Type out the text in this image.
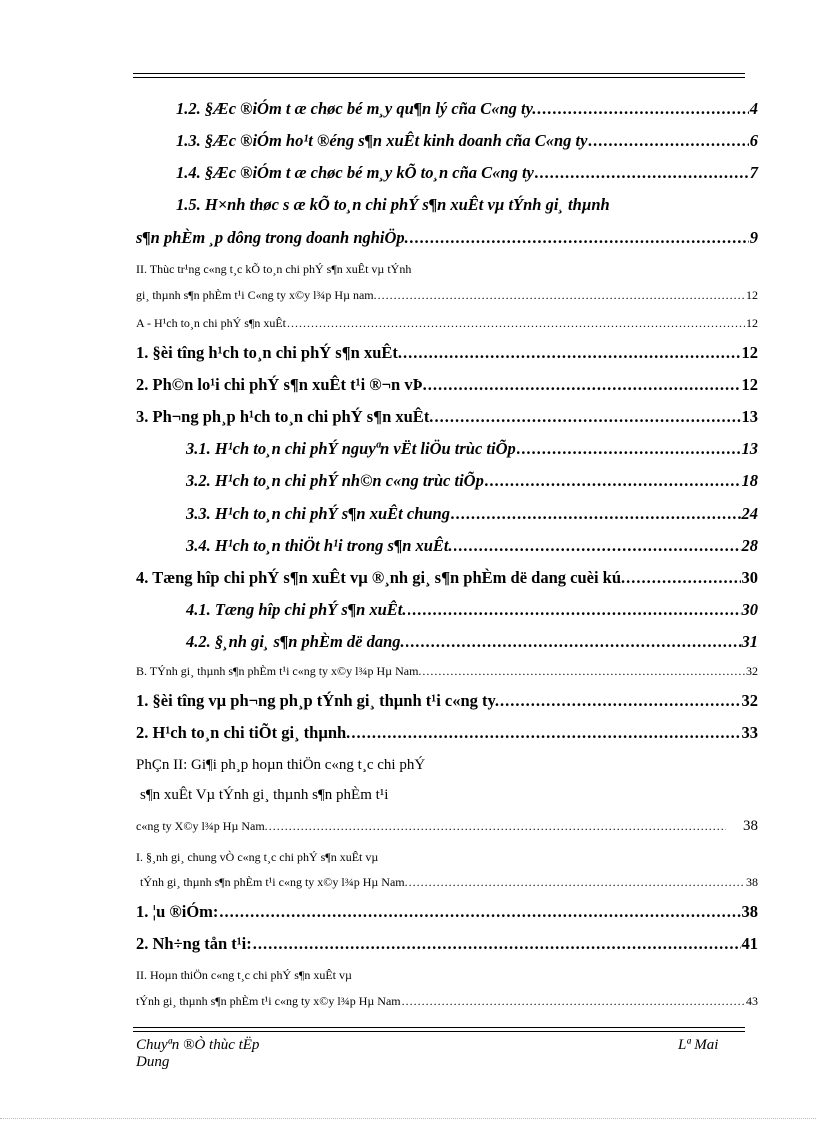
1.2. §Æc ®iÓm t æ chøc bé m¸y qu¶n lý cña C«ng ty. .....	4
1.3. §Æc ®iÓm ho¹t ®éng s¶n xuÊt kinh doanh cña C«ng ty .....	6
1.4. §Æc ®iÓm t æ chøc bé m¸y kÕ to¸n cña C«ng ty .....	7
1.5. H×nh thøc s æ kÕ to¸n chi phÝ s¶n xuÊt vµ tÝnh gi¸ thµnh
s¶n phÈm ¸p dông trong doanh nghiÖp. .....	9
II. Thùc tr¹ng c«ng t¸c kÕ to¸n chi phÝ s¶n xuÊt vµ tÝnh
gi¸ thµnh s¶n phÈm t¹i C«ng ty x©y l¾p Hµ nam. .....	12
A - H¹ch to¸n chi phÝ s¶n xuÊt .....	12
1. §èi tîng h¹ch to¸n chi phÝ s¶n xuÊt. .....	12
2. Ph©n lo¹i chi phÝ s¶n xuÊt t¹i ®¬n vÞ. .....	12
3. Ph¬ng ph¸p h¹ch to¸n chi phÝ s¶n xuÊt. .....	13
3.1. H¹ch to¸n chi phÝ nguyªn vËt liÖu trùc tiÕp .....	13
3.2. H¹ch to¸n chi phÝ nh©n c«ng trùc tiÕp .....	18
3.3. H¹ch to¸n chi phÝ s¶n xuÊt chung .....	24
3.4. H¹ch to¸n thiÖt h¹i trong s¶n xuÊt. .....	28
4. Tæng hîp chi phÝ s¶n xuÊt vµ ®¸nh gi¸ s¶n phÈm dë dang cuèi kú. .....	30
4.1. Tæng hîp chi phÝ s¶n xuÊt. .....	30
4.2. §¸nh gi¸ s¶n phÈm dë dang. .....	31
B. TÝnh gi¸ thµnh s¶n phÈm t¹i c«ng ty x©y l¾p Hµ Nam. .....	32
1. §èi tîng vµ ph¬ng ph¸p tÝnh gi¸ thµnh t¹i c«ng ty. .....	32
2. H¹ch to¸n chi tiÕt gi¸ thµnh. .....	33
PhÇn II: Gi¶i ph¸p hoµn thiÖn c«ng t¸c chi phÝ
s¶n xuÊt Vµ tÝnh gi¸ thµnh s¶n phÈm t¹i
c«ng ty X©y l¾p Hµ Nam. .....	38
I. §¸nh gi¸ chung vÒ c«ng t¸c chi phÝ s¶n xuÊt vµ
tÝnh gi¸ thµnh s¶n phÈm t¹i c«ng ty x©y l¾p Hµ Nam. .....	38
1. ¦u ®iÓm: .....	38
2. Nh÷ng tån t¹i: .....	41
II. Hoµn thiÖn c«ng t¸c chi phÝ s¶n xuÊt vµ
tÝnh gi¸ thµnh s¶n phÈm t¹i c«ng ty x©y l¾p Hµ Nam .....	43
Chuyªn ®Ò thùc tËp
Dung
Lª Mai
